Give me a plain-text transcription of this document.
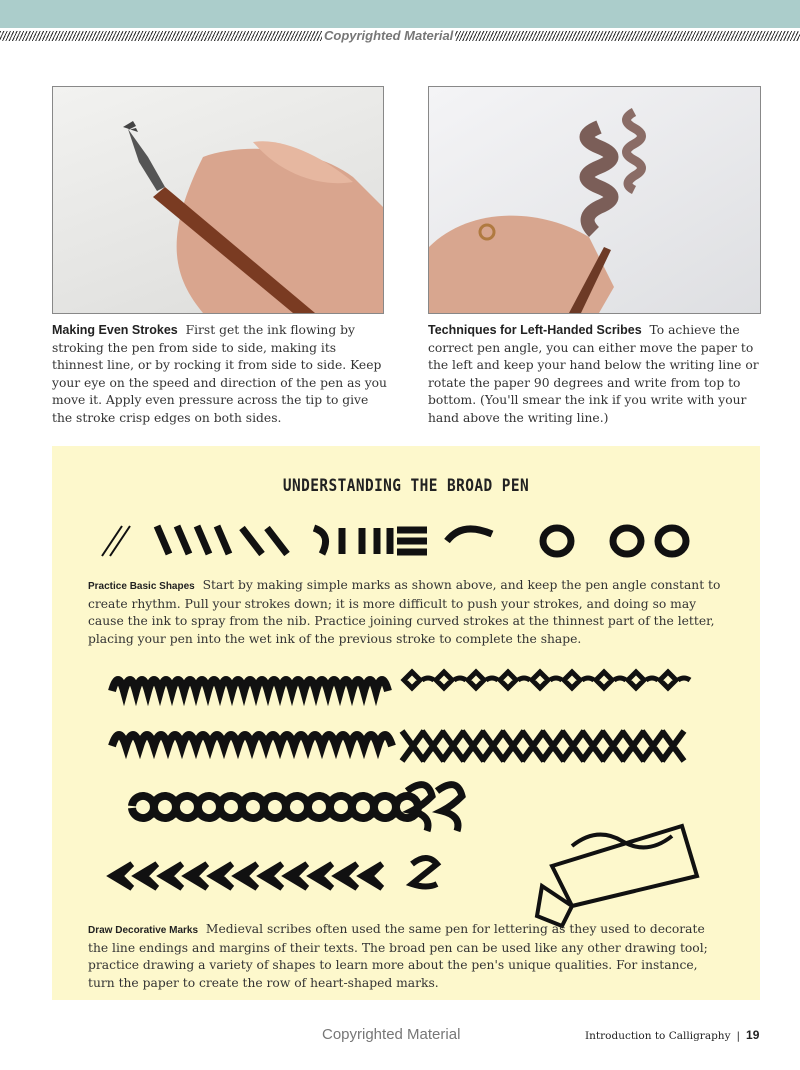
Copyrighted Material
Making Even Strokes First get the ink flowing by stroking the pen from side to side, making its thinnest line, or by rocking it from side to side. Keep your eye on the speed and direction of the pen as you move it. Apply even pressure across the tip to give the stroke crisp edges on both sides.
Techniques for Left-Handed Scribes To achieve the correct pen angle, you can either move the paper to the left and keep your hand below the writing line or rotate the paper 90 degrees and write from top to bottom. (You'll smear the ink if you write with your hand above the writing line.)
UNDERSTANDING THE BROAD PEN
Practice Basic Shapes Start by making simple marks as shown above, and keep the pen angle constant to create rhythm. Pull your strokes down; it is more difficult to push your strokes, and doing so may cause the ink to spray from the nib. Practice joining curved strokes at the thinnest part of the letter, placing your pen into the wet ink of the previous stroke to complete the shape.
Draw Decorative Marks Medieval scribes often used the same pen for lettering as they used to decorate the line endings and margins of their texts. The broad pen can be used like any other drawing tool; practice drawing a variety of shapes to learn more about the pen's unique qualities. For instance, turn the paper to create the row of heart-shaped marks.
Copyrighted Material	Introduction to Calligraphy | 19
